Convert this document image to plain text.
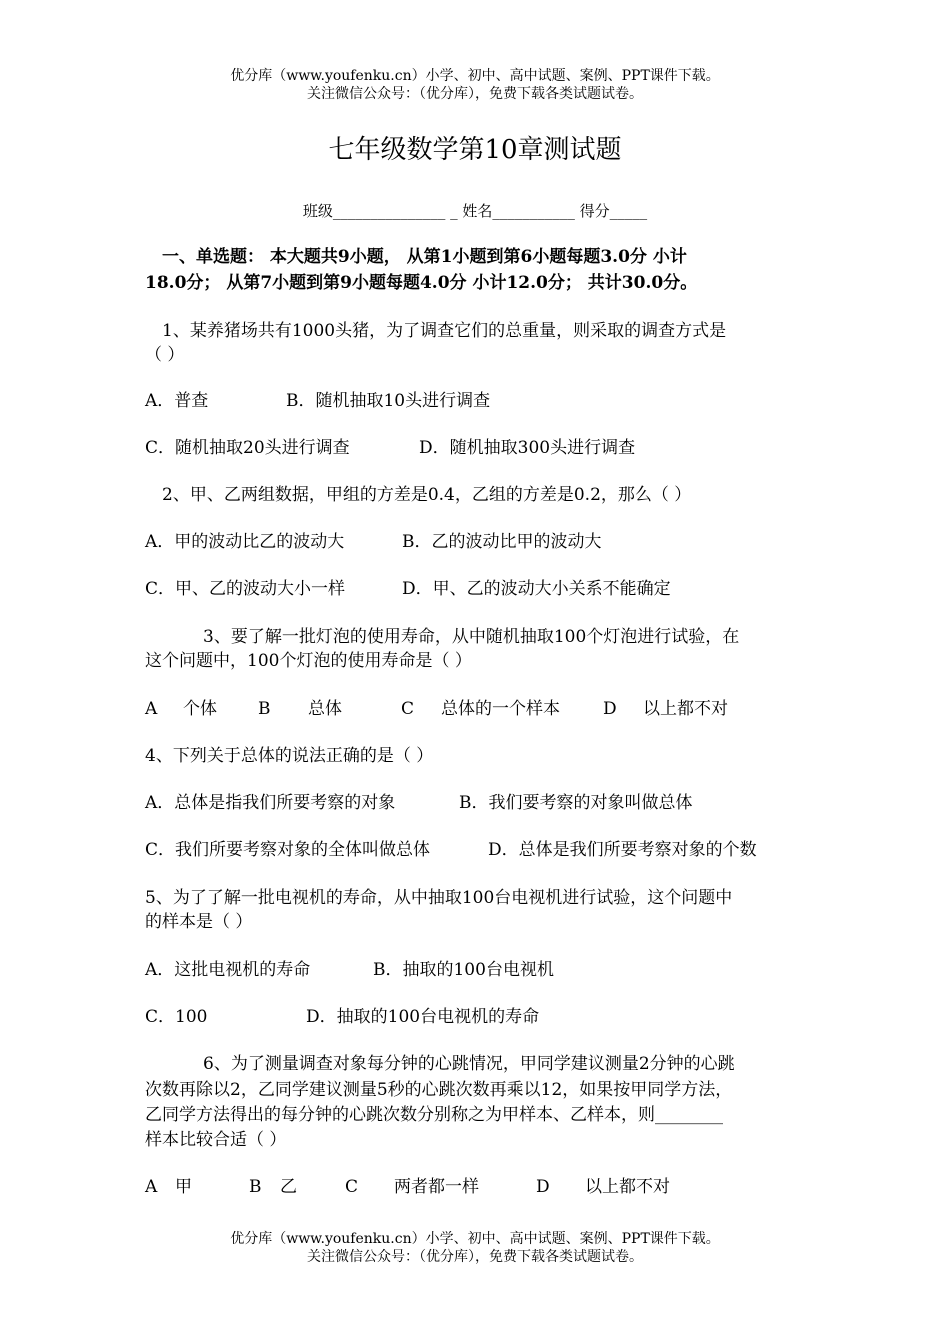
优分库（www.youfenku.cn）小学、初中、高中试题、案例、PPT课件下载。
关注微信公众号：（优分库），免费下载各类试题试卷。
七年级数学第10章测试题
班级_______________ _ 姓名___________ 得分_____
一、单选题： 本大题共9小题， 从第1小题到第6小题每题3.0分 小计
18.0分； 从第7小题到第9小题每题4.0分 小计12.0分； 共计30.0分。
1、某养猪场共有1000头猪，为了调查它们的总重量，则采取的调查方式是
（ ）
A．普查	B．随机抽取10头进行调查
C．随机抽取20头进行调查	D．随机抽取300头进行调查
2、甲、乙两组数据，甲组的方差是0.4，乙组的方差是0.2，那么（ ）
A．甲的波动比乙的波动大	B．乙的波动比甲的波动大
C．甲、乙的波动大小一样	D．甲、乙的波动大小关系不能确定
3、要了解一批灯泡的使用寿命，从中随机抽取100个灯泡进行试验，在
这个问题中，100个灯泡的使用寿命是（ ）
A 个体 B 总体	C 总体的一个样本	D 以上都不对
4、下列关于总体的说法正确的是（ ）
A．总体是指我们所要考察的对象	B．我们要考察的对象叫做总体
C．我们所要考察对象的全体叫做总体	D．总体是我们所要考察对象的个数
5、为了了解一批电视机的寿命，从中抽取100台电视机进行试验，这个问题中
的样本是（ ）
A．这批电视机的寿命	B．抽取的100台电视机
C．100	D．抽取的100台电视机的寿命
6、为了测量调查对象每分钟的心跳情况，甲同学建议测量2分钟的心跳
次数再除以2，乙同学建议测量5秒的心跳次数再乘以12，如果按甲同学方法，
乙同学方法得出的每分钟的心跳次数分别称之为甲样本、乙样本，则________
样本比较合适（ ）
A 甲	B 乙	C 两者都一样	D 以上都不对
优分库（www.youfenku.cn）小学、初中、高中试题、案例、PPT课件下载。
关注微信公众号：（优分库），免费下载各类试题试卷。
